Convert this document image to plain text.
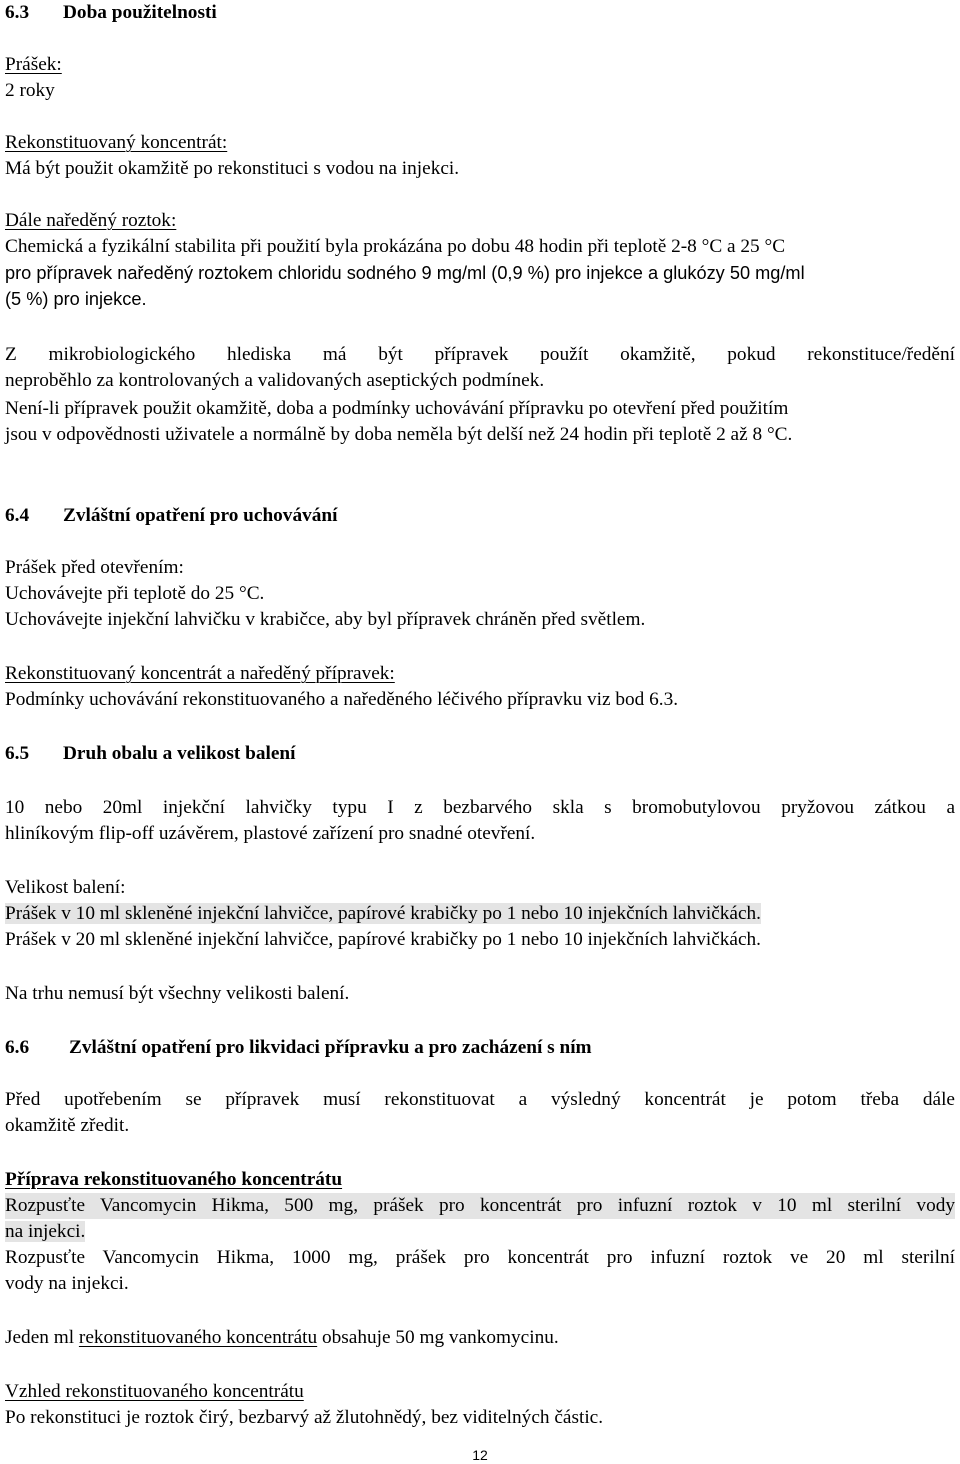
6.3 Doba použitelnosti
Prášek:
2 roky
Rekonstituovaný koncentrát:
Má být použit okamžitě po rekonstituci s vodou na injekci.
Dále naředěný roztok:
Chemická a fyzikální stabilita při použití byla prokázána po dobu 48 hodin při teplotě 2-8 °C a 25 °C
pro přípravek naředěný roztokem chloridu sodného 9 mg/ml (0,9 %) pro injekce a glukózy 50 mg/ml
(5 %) pro injekce.
Z mikrobiologického hlediska má být přípravek použít okamžitě, pokud rekonstituce/ředění
neproběhlo za kontrolovaných a validovaných aseptických podmínek.
Není-li přípravek použit okamžitě, doba a podmínky uchovávání přípravku po otevření před použitím
jsou v odpovědnosti uživatele a normálně by doba neměla být delší než 24 hodin při teplotě 2 až 8 °C.
6.4 Zvláštní opatření pro uchovávání
Prášek před otevřením:
Uchovávejte při teplotě do 25 °C.
Uchovávejte injekční lahvičku v krabičce, aby byl přípravek chráněn před světlem.
Rekonstituovaný koncentrát a naředěný přípravek:
Podmínky uchovávání rekonstituovaného a naředěného léčivého přípravku viz bod 6.3.
6.5 Druh obalu a velikost balení
10 nebo 20ml injekční lahvičky typu I z bezbarvého skla s bromobutylovou pryžovou zátkou a
hliníkovým flip-off uzávěrem, plastové zařízení pro snadné otevření.
Velikost balení:
Prášek v 10 ml skleněné injekční lahvičce, papírové krabičky po 1 nebo 10 injekčních lahvičkách.
Prášek v 20 ml skleněné injekční lahvičce, papírové krabičky po 1 nebo 10 injekčních lahvičkách.
Na trhu nemusí být všechny velikosti balení.
6.6 Zvláštní opatření pro likvidaci přípravku a pro zacházení s ním
Před upotřebením se přípravek musí rekonstituovat a výsledný koncentrát je potom třeba dále
okamžitě zředit.
Příprava rekonstituovaného koncentrátu
Rozpusťte Vancomycin Hikma, 500 mg, prášek pro koncentrát pro infuzní roztok v 10 ml sterilní vody
na injekci.
Rozpusťte Vancomycin Hikma, 1000 mg, prášek pro koncentrát pro infuzní roztok ve 20 ml sterilní
vody na injekci.
Jeden ml rekonstituovaného koncentrátu obsahuje 50 mg vankomycinu.
Vzhled rekonstituovaného koncentrátu
Po rekonstituci je roztok čirý, bezbarvý až žlutohnědý, bez viditelných částic.
12
